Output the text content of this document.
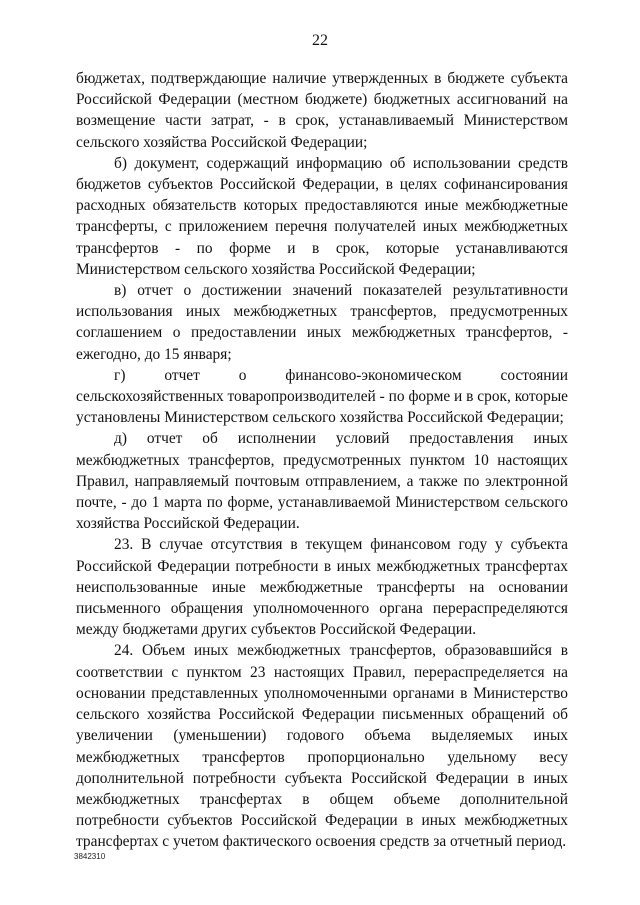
22

бюджетах, подтверждающие наличие утвержденных в бюджете субъекта Российской Федерации (местном бюджете) бюджетных ассигнований на возмещение части затрат, - в срок, устанавливаемый Министерством сельского хозяйства Российской Федерации;

б) документ, содержащий информацию об использовании средств бюджетов субъектов Российской Федерации, в целях софинансирования расходных обязательств которых предоставляются иные межбюджетные трансферты, с приложением перечня получателей иных межбюджетных трансфертов - по форме и в срок, которые устанавливаются Министерством сельского хозяйства Российской Федерации;

в) отчет о достижении значений показателей результативности использования иных межбюджетных трансфертов, предусмотренных соглашением о предоставлении иных межбюджетных трансфертов, - ежегодно, до 15 января;

г) отчет о финансово-экономическом состоянии сельскохозяйственных товаропроизводителей - по форме и в срок, которые установлены Министерством сельского хозяйства Российской Федерации;

д) отчет об исполнении условий предоставления иных межбюджетных трансфертов, предусмотренных пунктом 10 настоящих Правил, направляемый почтовым отправлением, а также по электронной почте, - до 1 марта по форме, устанавливаемой Министерством сельского хозяйства Российской Федерации.

23. В случае отсутствия в текущем финансовом году у субъекта Российской Федерации потребности в иных межбюджетных трансфертах неиспользованные иные межбюджетные трансферты на основании письменного обращения уполномоченного органа перераспределяются между бюджетами других субъектов Российской Федерации.

24. Объем иных межбюджетных трансфертов, образовавшийся в соответствии с пунктом 23 настоящих Правил, перераспределяется на основании представленных уполномоченными органами в Министерство сельского хозяйства Российской Федерации письменных обращений об увеличении (уменьшении) годового объема выделяемых иных межбюджетных трансфертов пропорционально удельному весу дополнительной потребности субъекта Российской Федерации в иных межбюджетных трансфертах в общем объеме дополнительной потребности субъектов Российской Федерации в иных межбюджетных трансфертах с учетом фактического освоения средств за отчетный период.

3842310
